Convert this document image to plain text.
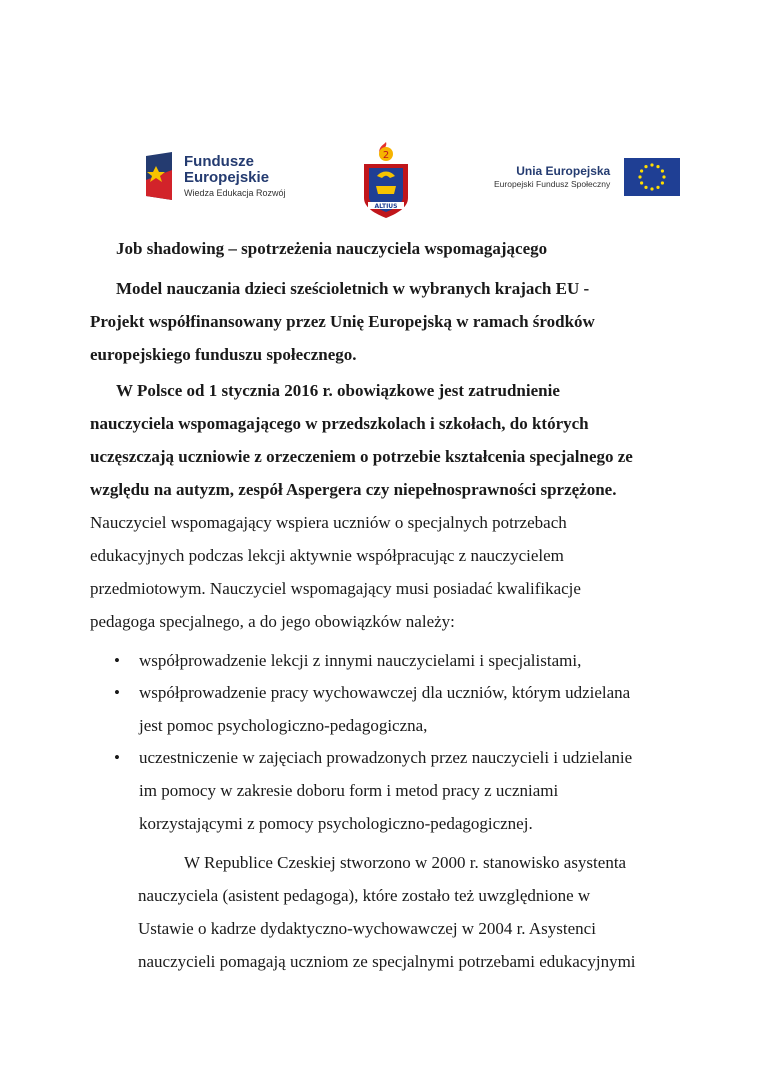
Fundusze
Europejskie
Wiedza Edukacja Rozwój
2
ALTIUS
Unia Europejska
Europejski Fundusz Społeczny

Job shadowing – spotrzeżenia nauczyciela wspomagającego

Model nauczania dzieci sześcioletnich w wybranych krajach EU -
Projekt współfinansowany przez Unię Europejską w ramach środków
europejskiego funduszu społecznego.

W Polsce od 1 stycznia 2016 r. obowiązkowe jest zatrudnienie
nauczyciela wspomagającego w przedszkolach i szkołach, do których
uczęszczają uczniowie z orzeczeniem o potrzebie kształcenia specjalnego ze
względu na autyzm, zespół Aspergera czy niepełnosprawności sprzężone.
Nauczyciel wspomagający wspiera uczniów o specjalnych potrzebach
edukacyjnych podczas lekcji aktywnie współpracując z nauczycielem
przedmiotowym. Nauczyciel wspomagający musi posiadać kwalifikacje
pedagoga specjalnego, a do jego obowiązków należy:

• współprowadzenie lekcji z innymi nauczycielami i specjalistami,
• współprowadzenie pracy wychowawczej dla uczniów, którym udzielana
jest pomoc psychologiczno-pedagogiczna,
• uczestniczenie w zajęciach prowadzonych przez nauczycieli i udzielanie
im pomocy w zakresie doboru form i metod pracy z uczniami
korzystającymi z pomocy psychologiczno-pedagogicznej.

W Republice Czeskiej stworzono w 2000 r. stanowisko asystenta
nauczyciela (asistent pedagoga), które zostało też uwzględnione w
Ustawie o kadrze dydaktyczno-wychowawczej w 2004 r. Asystenci
nauczycieli pomagają uczniom ze specjalnymi potrzebami edukacyjnymi
